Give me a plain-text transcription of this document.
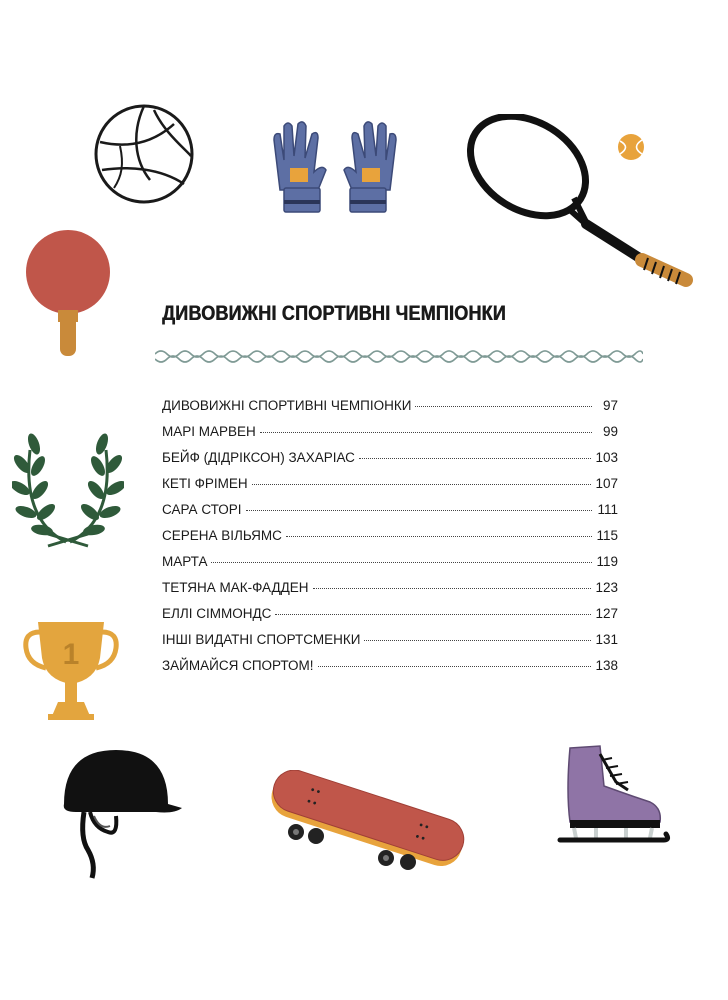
1
ДИВОВИЖНІ СПОРТИВНІ ЧЕМПІОНКИ
ДИВОВИЖНІ СПОРТИВНІ ЧЕМПІОНКИ	97
МАРІ МАРВЕН	99
БЕЙФ (ДІДРІКСОН) ЗАХАРІАС	103
КЕТІ ФРІМЕН	107
САРА СТОРІ	111
СЕРЕНА ВІЛЬЯМС	115
МАРТА	119
ТЕТЯНА МАК-ФАДДЕН	123
ЕЛЛІ СІММОНДС	127
ІНШІ ВИДАТНІ СПОРТСМЕНКИ	131
ЗАЙМАЙСЯ СПОРТОМ!	138
